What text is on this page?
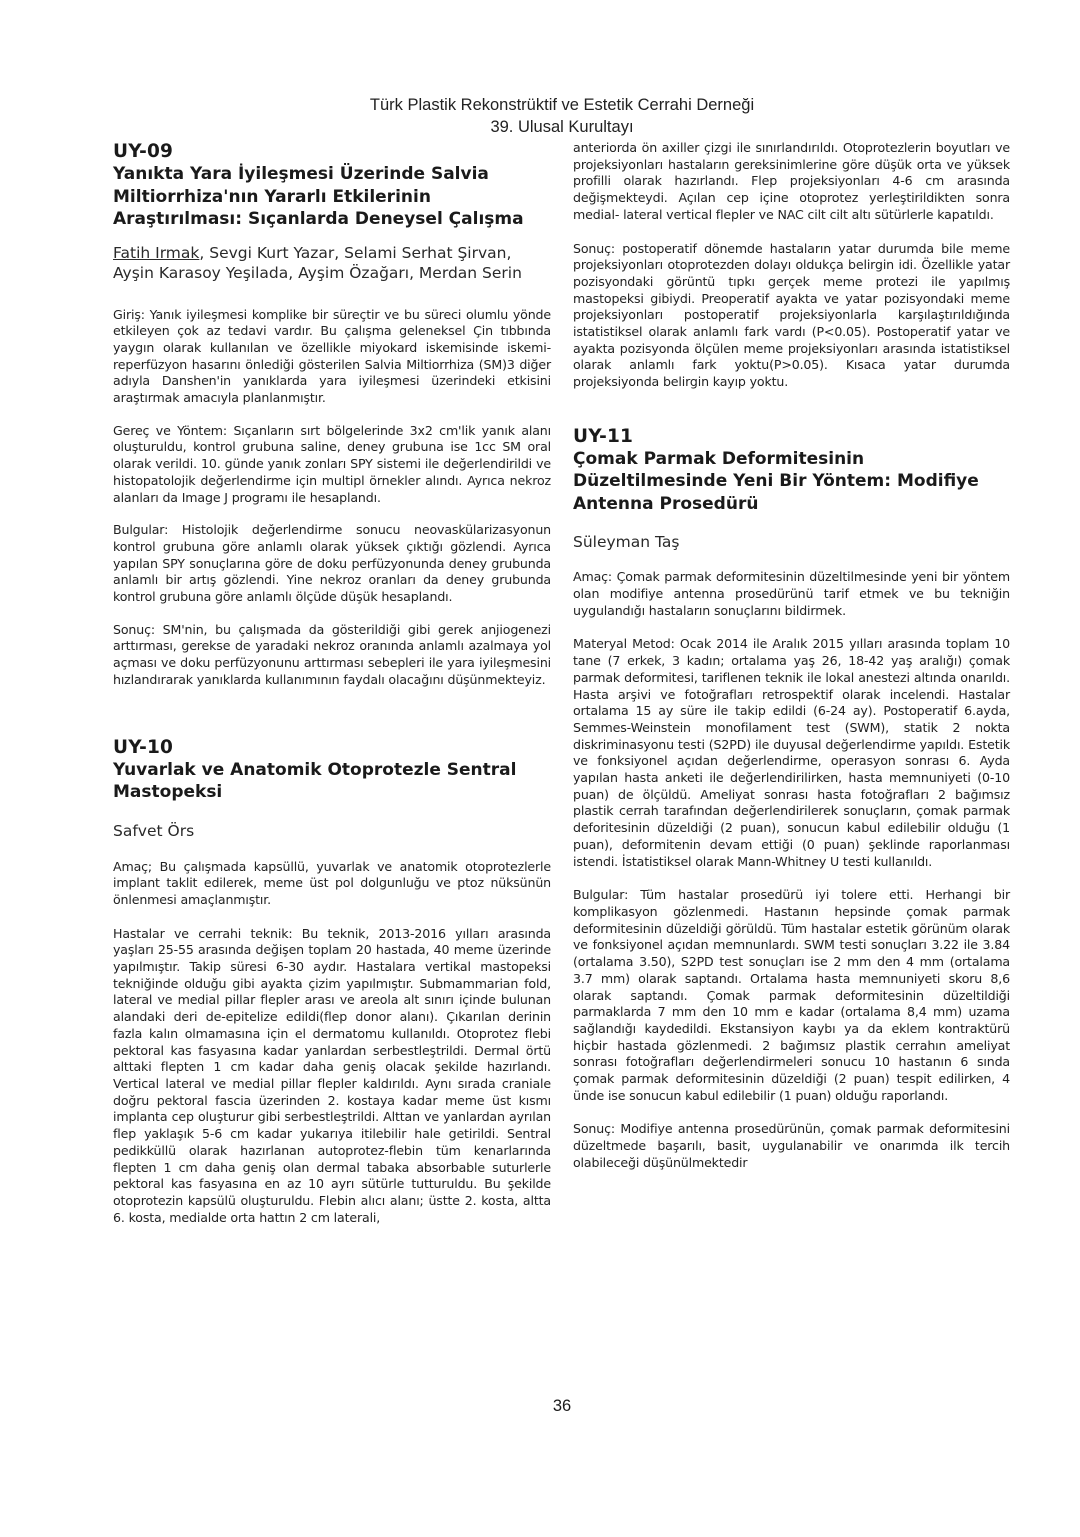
Türk Plastik Rekonstrüktif ve Estetik Cerrahi Derneği
39. Ulusal Kurultayı

UY-09

Yanıkta Yara İyileşmesi Üzerinde Salvia Miltiorrhiza'nın Yararlı Etkilerinin Araştırılması: Sıçanlarda Deneysel Çalışma

Fatih Irmak, Sevgi Kurt Yazar, Selami Serhat Şirvan, Ayşin Karasoy Yeşilada, Ayşim Özağarı, Merdan Serin

Giriş: Yanık iyileşmesi komplike bir süreçtir ve bu süreci olumlu yönde etkileyen çok az tedavi vardır. Bu çalışma geleneksel Çin tıbbında yaygın olarak kullanılan ve özellikle miyokard iskemisinde iskemi-reperfüzyon hasarını önlediği gösterilen Salvia Miltiorrhiza (SM)3 diğer adıyla Danshen'in yanıklarda yara iyileşmesi üzerindeki etkisini araştırmak amacıyla planlanmıştır.

Gereç ve Yöntem: Sıçanların sırt bölgelerinde 3x2 cm'lik yanık alanı oluşturuldu, kontrol grubuna saline, deney grubuna ise 1cc SM oral olarak verildi. 10. günde yanık zonları SPY sistemi ile değerlendirildi ve histopatolojik değerlendirme için multipl örnekler alındı. Ayrıca nekroz alanları da Image J programı ile hesaplandı.

Bulgular: Histolojik değerlendirme sonucu neovaskülarizasyonun kontrol grubuna göre anlamlı olarak yüksek çıktığı gözlendi. Ayrıca yapılan SPY sonuçlarına göre de doku perfüzyonunda deney grubunda anlamlı bir artış gözlendi. Yine nekroz oranları da deney grubunda kontrol grubuna göre anlamlı ölçüde düşük hesaplandı.

Sonuç: SM'nin, bu çalışmada da gösterildiği gibi gerek anjiogenezi arttırması, gerekse de yaradaki nekroz oranında anlamlı azalmaya yol açması ve doku perfüzyonunu arttırması sebepleri ile yara iyileşmesini hızlandırarak yanıklarda kullanımının faydalı olacağını düşünmekteyiz.

UY-10

Yuvarlak ve Anatomik Otoprotezle Sentral Mastopeksi

Safvet Örs

Amaç; Bu çalışmada kapsüllü, yuvarlak ve anatomik otoprotezlerle implant taklit edilerek, meme üst pol dolgunluğu ve ptoz nüksünün önlenmesi amaçlanmıştır.

Hastalar ve cerrahi teknik: Bu teknik, 2013-2016 yılları arasında yaşları 25-55 arasında değişen toplam 20 hastada, 40 meme üzerinde yapılmıştır. Takip süresi 6-30 aydır. Hastalara vertikal mastopeksi tekniğinde olduğu gibi ayakta çizim yapılmıştır. Submammarian fold, lateral ve medial pillar flepler arası ve areola alt sınırı içinde bulunan alandaki deri de-epitelize edildi(flep donor alanı). Çıkarılan derinin fazla kalın olmamasına için el dermatomu kullanıldı. Otoprotez flebi pektoral kas fasyasına kadar yanlardan serbestleştrildi. Dermal örtü alttaki flepten 1 cm kadar daha geniş olacak şekilde hazırlandı. Vertical lateral ve medial pillar flepler kaldırıldı. Aynı sırada craniale doğru pektoral fascia üzerinden 2. kostaya kadar meme üst kısmı implanta cep oluşturur gibi serbestleştrildi. Alttan ve yanlardan ayrılan flep yaklaşık 5-6 cm kadar yukarıya itilebilir hale getirildi. Sentral pedikküllü olarak hazırlanan autoprotez-flebin tüm kenarlarında flepten 1 cm daha geniş olan dermal tabaka absorbable suturlerle pektoral kas fasyasına en az 10 ayrı sütürle tutturuldu. Bu şekilde otoprotezin kapsülü oluşturuldu. Flebin alıcı alanı; üstte 2. kosta, altta 6. kosta, medialde orta hattın 2 cm laterali,

anteriorda ön axiller çizgi ile sınırlandırıldı. Otoprotezlerin boyutları ve projeksiyonları hastaların gereksinimlerine göre düşük orta ve yüksek profilli olarak hazırlandı. Flep projeksiyonları 4-6 cm arasında değişmekteydi. Açılan cep içine otoprotez yerleştirildikten sonra medial- lateral vertical flepler ve NAC cilt cilt altı sütürlerle kapatıldı.

Sonuç: postoperatif dönemde hastaların yatar durumda bile meme projeksiyonları otoprotezden dolayı oldukça belirgin idi. Özellikle yatar pozisyondaki görüntü tıpkı gerçek meme protezi ile yapılmış mastopeksi gibiydi. Preoperatif ayakta ve yatar pozisyondaki meme projeksiyonları postoperatif projeksiyonlarla karşılaştırıldığında istatistiksel olarak anlamlı fark vardı (P<0.05). Postoperatif yatar ve ayakta pozisyonda ölçülen meme projeksiyonları arasında istatistiksel olarak anlamlı fark yoktu(P>0.05). Kısaca yatar durumda projeksiyonda belirgin kayıp yoktu.

UY-11

Çomak Parmak Deformitesinin Düzeltilmesinde Yeni Bir Yöntem: Modifiye Antenna Prosedürü

Süleyman Taş

Amaç: Çomak parmak deformitesinin düzeltilmesinde yeni bir yöntem olan modifiye antenna prosedürünü tarif etmek ve bu tekniğin uygulandığı hastaların sonuçlarını bildirmek.

Materyal Metod: Ocak 2014 ile Aralık 2015 yılları arasında toplam 10 tane (7 erkek, 3 kadın; ortalama yaş 26, 18-42 yaş aralığı) çomak parmak deformitesi, tariflenen teknik ile lokal anestezi altında onarıldı. Hasta arşivi ve fotoğrafları retrospektif olarak incelendi. Hastalar ortalama 15 ay süre ile takip edildi (6-24 ay). Postoperatif 6.ayda, Semmes-Weinstein monofilament test (SWM), statik 2 nokta diskriminasyonu testi (S2PD) ile duyusal değerlendirme yapıldı. Estetik ve fonksiyonel açıdan değerlendirme, operasyon sonrası 6. Ayda yapılan hasta anketi ile değerlendirilirken, hasta memnuniyeti (0-10 puan) de ölçüldü. Ameliyat sonrası hasta fotoğrafları 2 bağımsız plastik cerrah tarafından değerlendirilerek sonuçların, çomak parmak deforitesinin düzeldiği (2 puan), sonucun kabul edilebilir olduğu (1 puan), deformitenin devam ettiği (0 puan) şeklinde raporlanması istendi. İstatistiksel olarak Mann-Whitney U testi kullanıldı.

Bulgular: Tüm hastalar prosedürü iyi tolere etti. Herhangi bir komplikasyon gözlenmedi. Hastanın hepsinde çomak parmak deformitesinin düzeldiği görüldü. Tüm hastalar estetik görünüm olarak ve fonksiyonel açıdan memnunlardı. SWM testi sonuçları 3.22 ile 3.84 (ortalama 3.50), S2PD test sonuçları ise 2 mm den 4 mm (ortalama 3.7 mm) olarak saptandı. Ortalama hasta memnuniyeti skoru 8,6 olarak saptandı. Çomak parmak deformitesinin düzeltildiği parmaklarda 7 mm den 10 mm e kadar (ortalama 8,4 mm) uzama sağlandığı kaydedildi. Ekstansiyon kaybı ya da eklem kontraktürü hiçbir hastada gözlenmedi. 2 bağımsız plastik cerrahın ameliyat sonrası fotoğrafları değerlendirmeleri sonucu 10 hastanın 6 sında çomak parmak deformitesinin düzeldiği (2 puan) tespit edilirken, 4 ünde ise sonucun kabul edilebilir (1 puan) olduğu raporlandı.

Sonuç: Modifiye antenna prosedürünün, çomak parmak deformitesini düzeltmede başarılı, basit, uygulanabilir ve onarımda ilk tercih olabileceği düşünülmektedir

36
